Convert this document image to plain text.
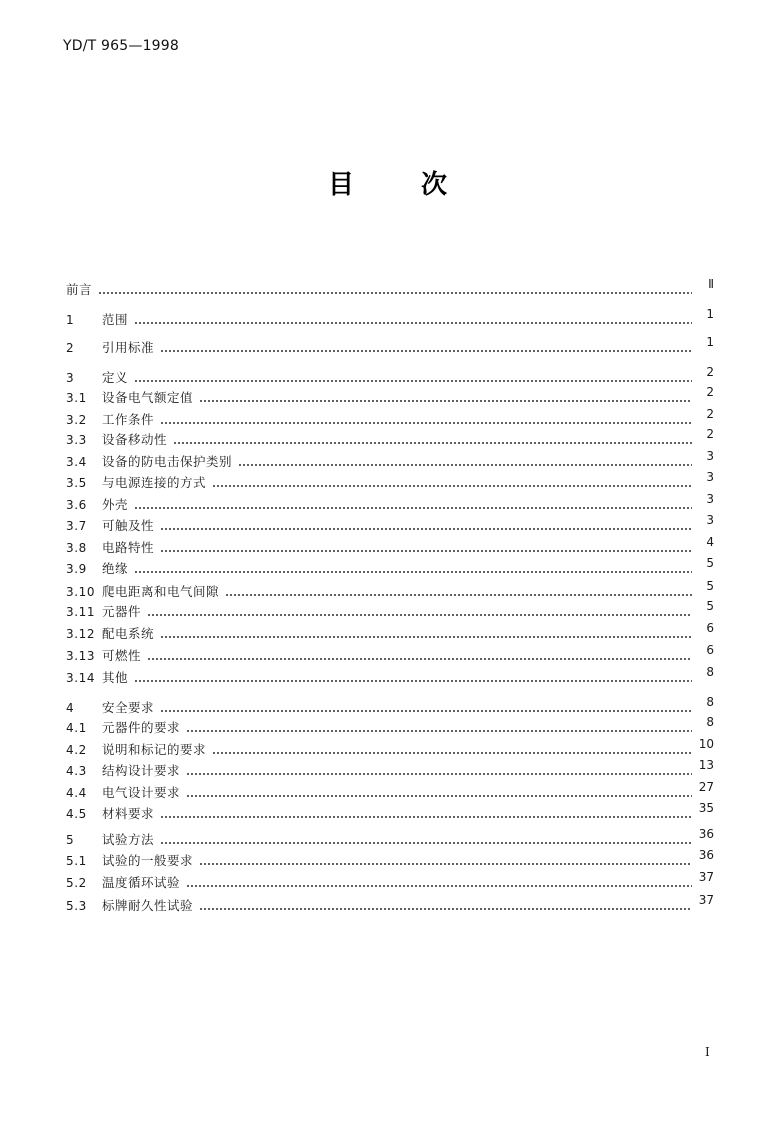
YD/T 965—1998
目	次
前言	Ⅱ
1	范围	1
2	引用标准	1
3	定义	2
3.1	设备电气额定值	2
3.2	工作条件	2
3.3	设备移动性	2
3.4	设备的防电击保护类别	3
3.5	与电源连接的方式	3
3.6	外壳	3
3.7	可触及性	3
3.8	电路特性	4
3.9	绝缘	5
3.10 爬电距离和电气间隙	5
3.11 元器件	5
3.12 配电系统	6
3.13 可燃性	6
3.14 其他	8
4	安全要求	8
4.1	元器件的要求	8
4.2	说明和标记的要求	10
4.3	结构设计要求	13
4.4	电气设计要求	27
4.5	材料要求	35
5	试验方法	36
5.1	试验的一般要求	36
5.2	温度循环试验	37
5.3	标牌耐久性试验	37
I
